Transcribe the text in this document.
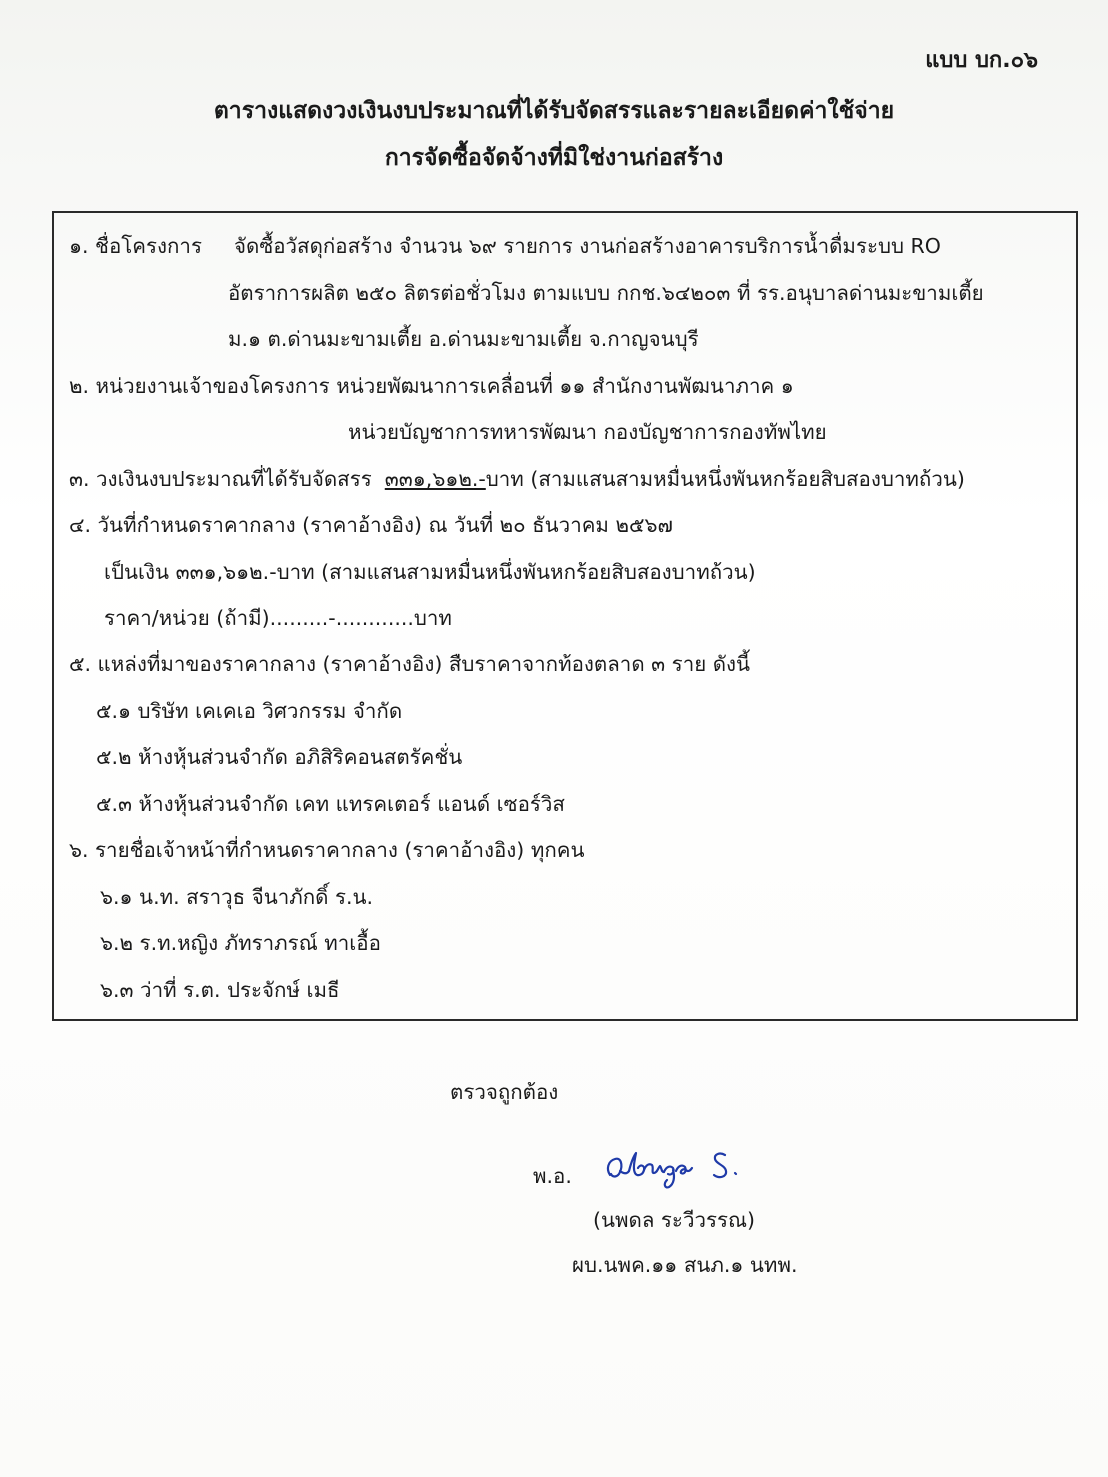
แบบ บก.๐๖
ตารางแสดงวงเงินงบประมาณที่ได้รับจัดสรรและรายละเอียดค่าใช้จ่าย
การจัดซื้อจัดจ้างที่มิใช่งานก่อสร้าง
๑. ชื่อโครงการ จัดซื้อวัสดุก่อสร้าง จำนวน ๖๙ รายการ งานก่อสร้างอาคารบริการน้ำดื่มระบบ RO
อัตราการผลิต ๒๕๐ ลิตรต่อชั่วโมง ตามแบบ กกช.๖๔๒๐๓ ที่ รร.อนุบาลด่านมะขามเตี้ย
ม.๑ ต.ด่านมะขามเตี้ย อ.ด่านมะขามเตี้ย จ.กาญจนบุรี
๒. หน่วยงานเจ้าของโครงการ หน่วยพัฒนาการเคลื่อนที่ ๑๑ สำนักงานพัฒนาภาค ๑
หน่วยบัญชาการทหารพัฒนา กองบัญชาการกองทัพไทย
๓. วงเงินงบประมาณที่ได้รับจัดสรร ๓๓๑,๖๑๒.-บาท (สามแสนสามหมื่นหนึ่งพันหกร้อยสิบสองบาทถ้วน)
๔. วันที่กำหนดราคากลาง (ราคาอ้างอิง) ณ วันที่ ๒๐ ธันวาคม ๒๕๖๗
เป็นเงิน ๓๓๑,๖๑๒.-บาท (สามแสนสามหมื่นหนึ่งพันหกร้อยสิบสองบาทถ้วน)
ราคา/หน่วย (ถ้ามี).........-............บาท
๕. แหล่งที่มาของราคากลาง (ราคาอ้างอิง) สืบราคาจากท้องตลาด ๓ ราย ดังนี้
๕.๑ บริษัท เคเคเอ วิศวกรรม จำกัด
๕.๒ ห้างหุ้นส่วนจำกัด อภิสิริคอนสตรัคชั่น
๕.๓ ห้างหุ้นส่วนจำกัด เคท แทรคเตอร์ แอนด์ เซอร์วิส
๖. รายชื่อเจ้าหน้าที่กำหนดราคากลาง (ราคาอ้างอิง) ทุกคน
๖.๑ น.ท. สราวุธ จีนาภักดิ์ ร.น.
๖.๒ ร.ท.หญิง ภัทราภรณ์ ทาเอื้อ
๖.๓ ว่าที่ ร.ต. ประจักษ์ เมธี
ตรวจถูกต้อง
พ.อ.
(นพดล ระวีวรรณ)
ผบ.นพค.๑๑ สนภ.๑ นทพ.
